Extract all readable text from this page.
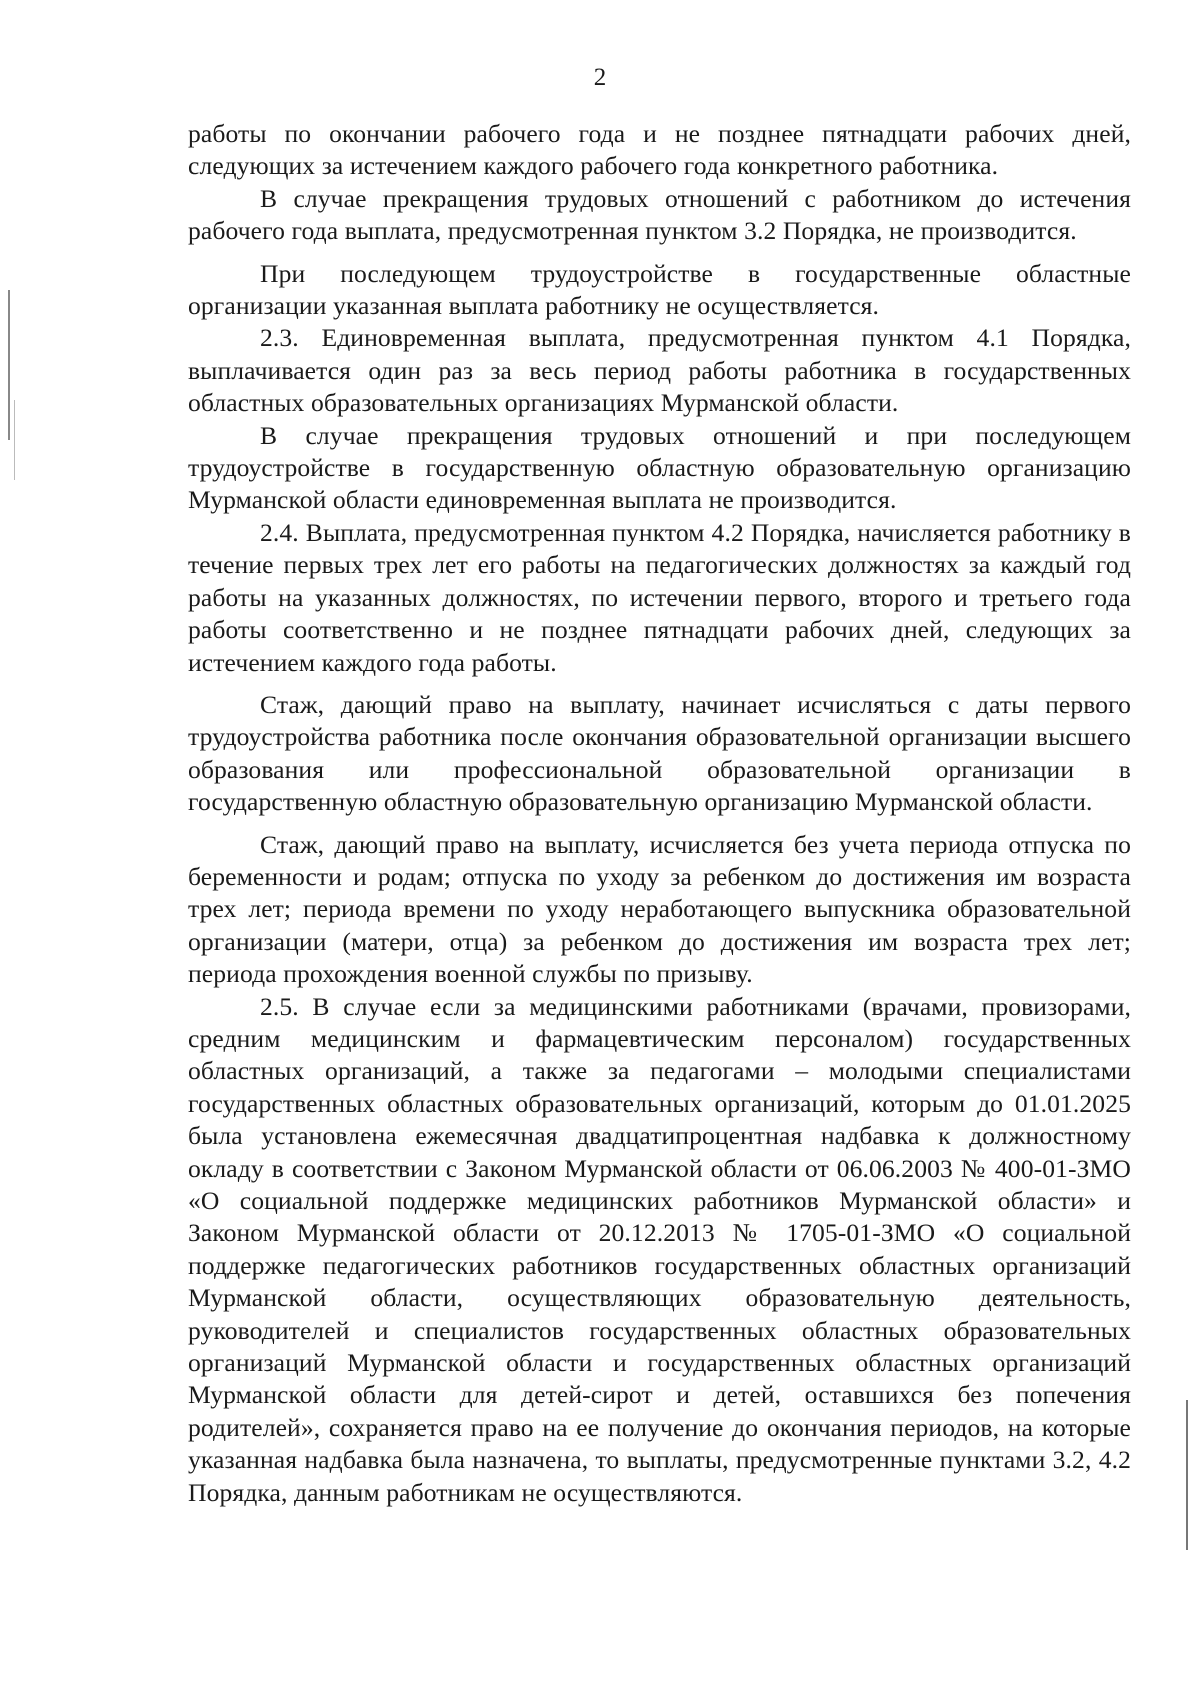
2

работы по окончании рабочего года и не позднее пятнадцати рабочих дней, следующих за истечением каждого рабочего года конкретного работника.

В случае прекращения трудовых отношений с работником до истечения рабочего года выплата, предусмотренная пунктом 3.2 Порядка, не производится.

При последующем трудоустройстве в государственные областные организации указанная выплата работнику не осуществляется.

2.3. Единовременная выплата, предусмотренная пунктом 4.1 Порядка, выплачивается один раз за весь период работы работника в государственных областных образовательных организациях Мурманской области.

В случае прекращения трудовых отношений и при последующем трудоустройстве в государственную областную образовательную организацию Мурманской области единовременная выплата не производится.

2.4. Выплата, предусмотренная пунктом 4.2 Порядка, начисляется работнику в течение первых трех лет его работы на педагогических должностях за каждый год работы на указанных должностях, по истечении первого, второго и третьего года работы соответственно и не позднее пятнадцати рабочих дней, следующих за истечением каждого года работы.

Стаж, дающий право на выплату, начинает исчисляться с даты первого трудоустройства работника после окончания образовательной организации высшего образования или профессиональной образовательной организации в государственную областную образовательную организацию Мурманской области.

Стаж, дающий право на выплату, исчисляется без учета периода отпуска по беременности и родам; отпуска по уходу за ребенком до достижения им возраста трех лет; периода времени по уходу неработающего выпускника образовательной организации (матери, отца) за ребенком до достижения им возраста трех лет; периода прохождения военной службы по призыву.

2.5. В случае если за медицинскими работниками (врачами, провизорами, средним медицинским и фармацевтическим персоналом) государственных областных организаций, а также за педагогами – молодыми специалистами государственных областных образовательных организаций, которым до 01.01.2025 была установлена ежемесячная двадцатипроцентная надбавка к должностному окладу в соответствии с Законом Мурманской области от 06.06.2003 № 400-01-ЗМО «О социальной поддержке медицинских работников Мурманской области» и Законом Мурманской области от 20.12.2013 № 1705-01-ЗМО «О социальной поддержке педагогических работников государственных областных организаций Мурманской области, осуществляющих образовательную деятельность, руководителей и специалистов государственных областных образовательных организаций Мурманской области и государственных областных организаций Мурманской области для детей-сирот и детей, оставшихся без попечения родителей», сохраняется право на ее получение до окончания периодов, на которые указанная надбавка была назначена, то выплаты, предусмотренные пунктами 3.2, 4.2 Порядка, данным работникам не осуществляются.
